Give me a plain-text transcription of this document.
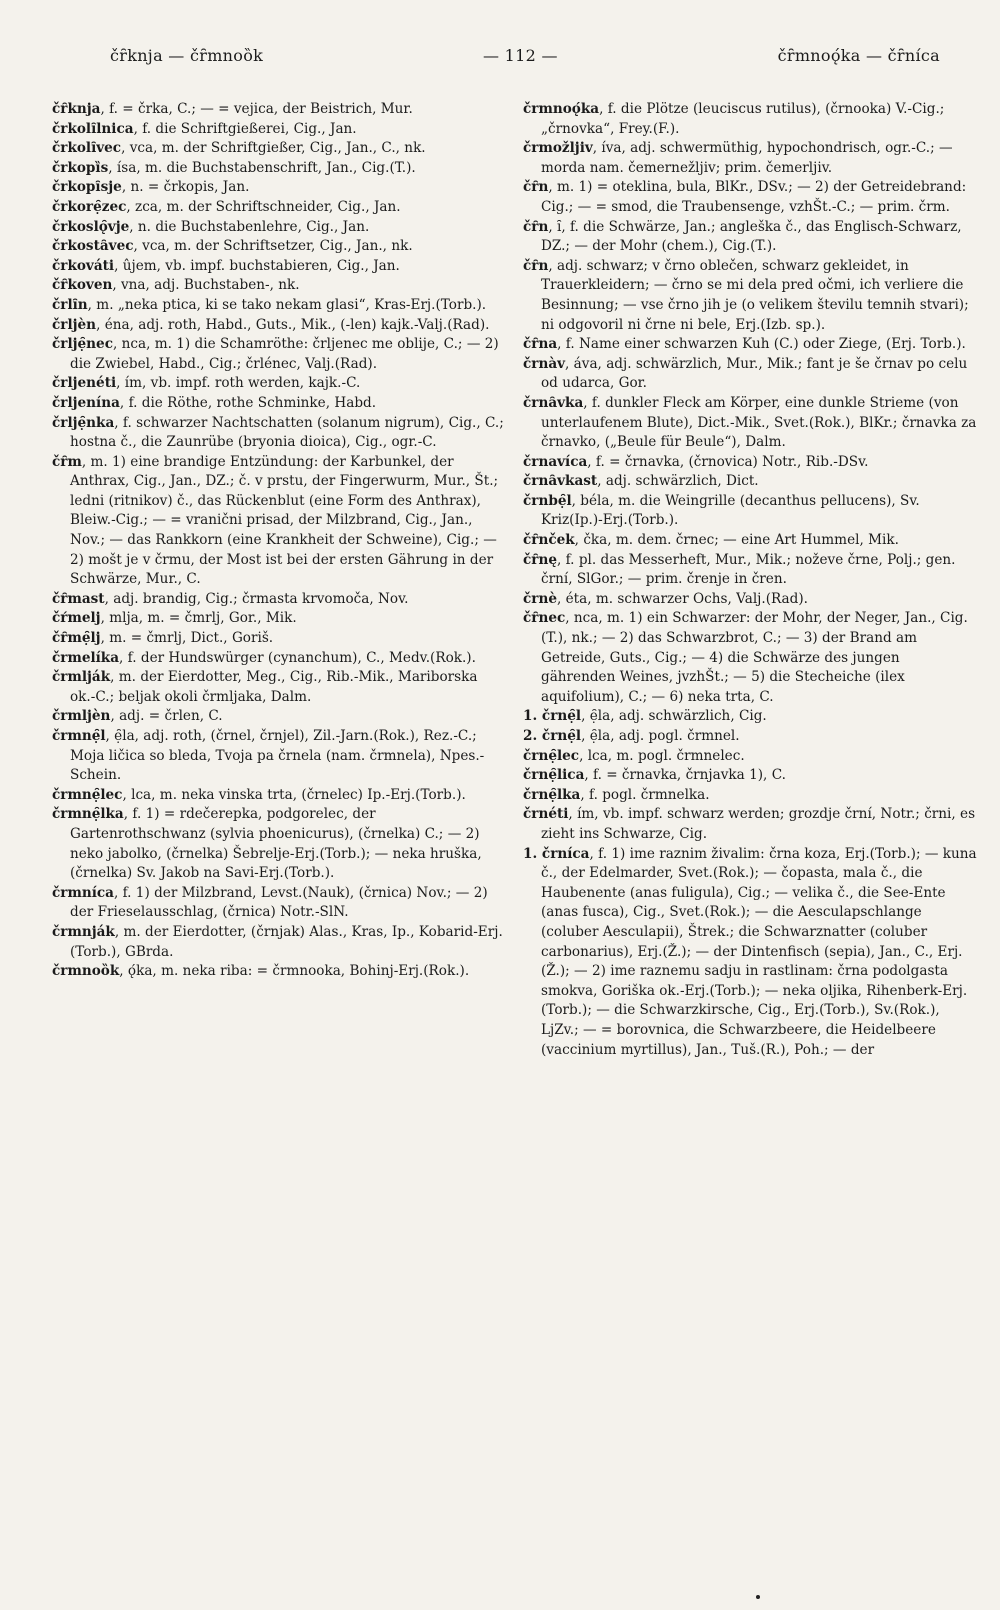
čȓknja — čȓmnoȍk	— 112 —	čȓmnoǫ́ka — čȓníca

čȓknja, f. = črka, C.; — = vejica, der Beistrich, Mur.

črkolȋlnica, f. die Schriftgießerei, Cig., Jan.

črkolȋvec, vca, m. der Schriftgießer, Cig., Jan., C., nk.

črkopȉs, ísa, m. die Buchstabenschrift, Jan., Cig.(T.).

črkopȋsje, n. = črkopis, Jan.

črkorẹ̑zec, zca, m. der Schriftschneider, Cig., Jan.

črkoslǫ̑vje, n. die Buchstabenlehre, Cig., Jan.

črkostȃvec, vca, m. der Schriftsetzer, Cig., Jan., nk.

črkováti, ûjem, vb. impf. buchstabieren, Cig., Jan.

čȓkoven, vna, adj. Buchstaben-, nk.

črlȋn, m. „neka ptica, ki se tako nekam glasi“, Kras-Erj.(Torb.).

črljèn, éna, adj. roth, Habd., Guts., Mik., (-len) kajk.-Valj.(Rad).

črljẹ̑nec, nca, m. 1) die Schamröthe: črljenec me oblije, C.; — 2) die Zwiebel, Habd., Cig.; črlénec, Valj.(Rad).

črljenéti, ím, vb. impf. roth werden, kajk.-C.

črljenína, f. die Röthe, rothe Schminke, Habd.

črljẹ̑nka, f. schwarzer Nachtschatten (solanum nigrum), Cig., C.; hostna č., die Zaunrübe (bryonia dioica), Cig., ogr.-C.

čȓm, m. 1) eine brandige Entzündung: der Karbunkel, der Anthrax, Cig., Jan., DZ.; č. v prstu, der Fingerwurm, Mur., Št.; ledni (ritnikov) č., das Rückenblut (eine Form des Anthrax), Bleiw.-Cig.; — = vranični prisad, der Milzbrand, Cig., Jan., Nov.; — das Rankkorn (eine Krankheit der Schweine), Cig.; — 2) mošt je v črmu, der Most ist bei der ersten Gährung in der Schwärze, Mur., C.

čȓmast, adj. brandig, Cig.; črmasta krvomoča, Nov.

čŕmelj, mlja, m. = čmrlj, Gor., Mik.

čȓmẹ̑lj, m. = čmrlj, Dict., Goriš.

črmelíka, f. der Hundswürger (cynanchum), C., Medv.(Rok.).

črmlják, m. der Eierdotter, Meg., Cig., Rib.-Mik., Mariborska ok.-C.; beljak okoli črmljaka, Dalm.

črmljèn, adj. = črlen, C.

črmnẹ̑l, ẹ̑la, adj. roth, (črnel, črnjel), Zil.-Jarn.(Rok.), Rez.-C.; Moja ličica so bleda, Tvoja pa črnela (nam. črmnela), Npes.-Schein.

črmnẹ̑lec, lca, m. neka vinska trta, (črnelec) Ip.-Erj.(Torb.).

črmnẹ̑lka, f. 1) = rdečerepka, podgorelec, der Gartenrothschwanz (sylvia phoenicurus), (črnelka) C.; — 2) neko jabolko, (črnelka) Šebrelje-Erj.(Torb.); — neka hruška, (črnelka) Sv. Jakob na Savi-Erj.(Torb.).

črmníca, f. 1) der Milzbrand, Levst.(Nauk), (črnica) Nov.; — 2) der Frieselausschlag, (črnica) Notr.-SlN.

črmnják, m. der Eierdotter, (črnjak) Alas., Kras, Ip., Kobarid-Erj.(Torb.), GBrda.

črmnoȍk, ǫ́ka, m. neka riba: = črmnooka, Bohinj-Erj.(Rok.).

črmnoǫ́ka, f. die Plötze (leuciscus rutilus), (črnooka) V.-Cig.; „črnovka“, Frey.(F.).

črmožljiv, íva, adj. schwermüthig, hypochondrisch, ogr.-C.; — morda nam. čemernežljiv; prim. čemerljiv.

čȓn, m. 1) = oteklina, bula, BlKr., DSv.; — 2) der Getreidebrand: Cig.; — = smod, die Traubensenge, vzhŠt.-C.; — prim. črm.

čȓn, ȋ, f. die Schwärze, Jan.; angleška č., das Englisch-Schwarz, DZ.; — der Mohr (chem.), Cig.(T.).

čȓn, adj. schwarz; v črno oblečen, schwarz gekleidet, in Trauerkleidern; — črno se mi dela pred očmi, ich verliere die Besinnung; — vse črno jih je (o velikem številu temnih stvari); ni odgovoril ni črne ni bele, Erj.(Izb. sp.).

čȓna, f. Name einer schwarzen Kuh (C.) oder Ziege, (Erj. Torb.).

črnàv, áva, adj. schwärzlich, Mur., Mik.; fant je še črnav po celu od udarca, Gor.

črnȃvka, f. dunkler Fleck am Körper, eine dunkle Strieme (von unterlaufenem Blute), Dict.-Mik., Svet.(Rok.), BlKr.; črnavka za črnavko, („Beule für Beule“), Dalm.

črnavíca, f. = črnavka, (črnovica) Notr., Rib.-DSv.

črnȃvkast, adj. schwärzlich, Dict.

črnbẹ̑l, béla, m. die Weingrille (decanthus pellucens), Sv. Kriz(Ip.)-Erj.(Torb.).

čȓnček, čka, m. dem. črnec; — eine Art Hummel, Mik.

čȓnę, f. pl. das Messerheft, Mur., Mik.; noževe črne, Polj.; gen. črní, SlGor.; — prim. črenje in čren.

črnè, éta, m. schwarzer Ochs, Valj.(Rad).

čȓnec, nca, m. 1) ein Schwarzer: der Mohr, der Neger, Jan., Cig.(T.), nk.; — 2) das Schwarzbrot, C.; — 3) der Brand am Getreide, Guts., Cig.; — 4) die Schwärze des jungen gährenden Weines, jvzhŠt.; — 5) die Stecheiche (ilex aquifolium), C.; — 6) neka trta, C.

1. črnẹ̑l, ẹ̑la, adj. schwärzlich, Cig.

2. črnẹ̑l, ẹ̑la, adj. pogl. črmnel.

črnẹ̑lec, lca, m. pogl. črmnelec.

črnẹ̑lica, f. = črnavka, črnjavka 1), C.

črnẹ̑lka, f. pogl. črmnelka.

črnéti, ím, vb. impf. schwarz werden; grozdje črní, Notr.; črni, es zieht ins Schwarze, Cig.

1. črníca, f. 1) ime raznim živalim: črna koza, Erj.(Torb.); — kuna č., der Edelmarder, Svet.(Rok.); — čopasta, mala č., die Haubenente (anas fuligula), Cig.; — velika č., die See-Ente (anas fusca), Cig., Svet.(Rok.); — die Aesculapschlange (coluber Aesculapii), Štrek.; die Schwarznatter (coluber carbonarius), Erj.(Ž.); — der Dintenfisch (sepia), Jan., C., Erj.(Ž.); — 2) ime raznemu sadju in rastlinam: črna podolgasta smokva, Goriška ok.-Erj.(Torb.); — neka oljika, Rihenberk-Erj.(Torb.); — die Schwarzkirsche, Cig., Erj.(Torb.), Sv.(Rok.), LjZv.; — = borovnica, die Schwarzbeere, die Heidelbeere (vaccinium myrtillus), Jan., Tuš.(R.), Poh.; — der
